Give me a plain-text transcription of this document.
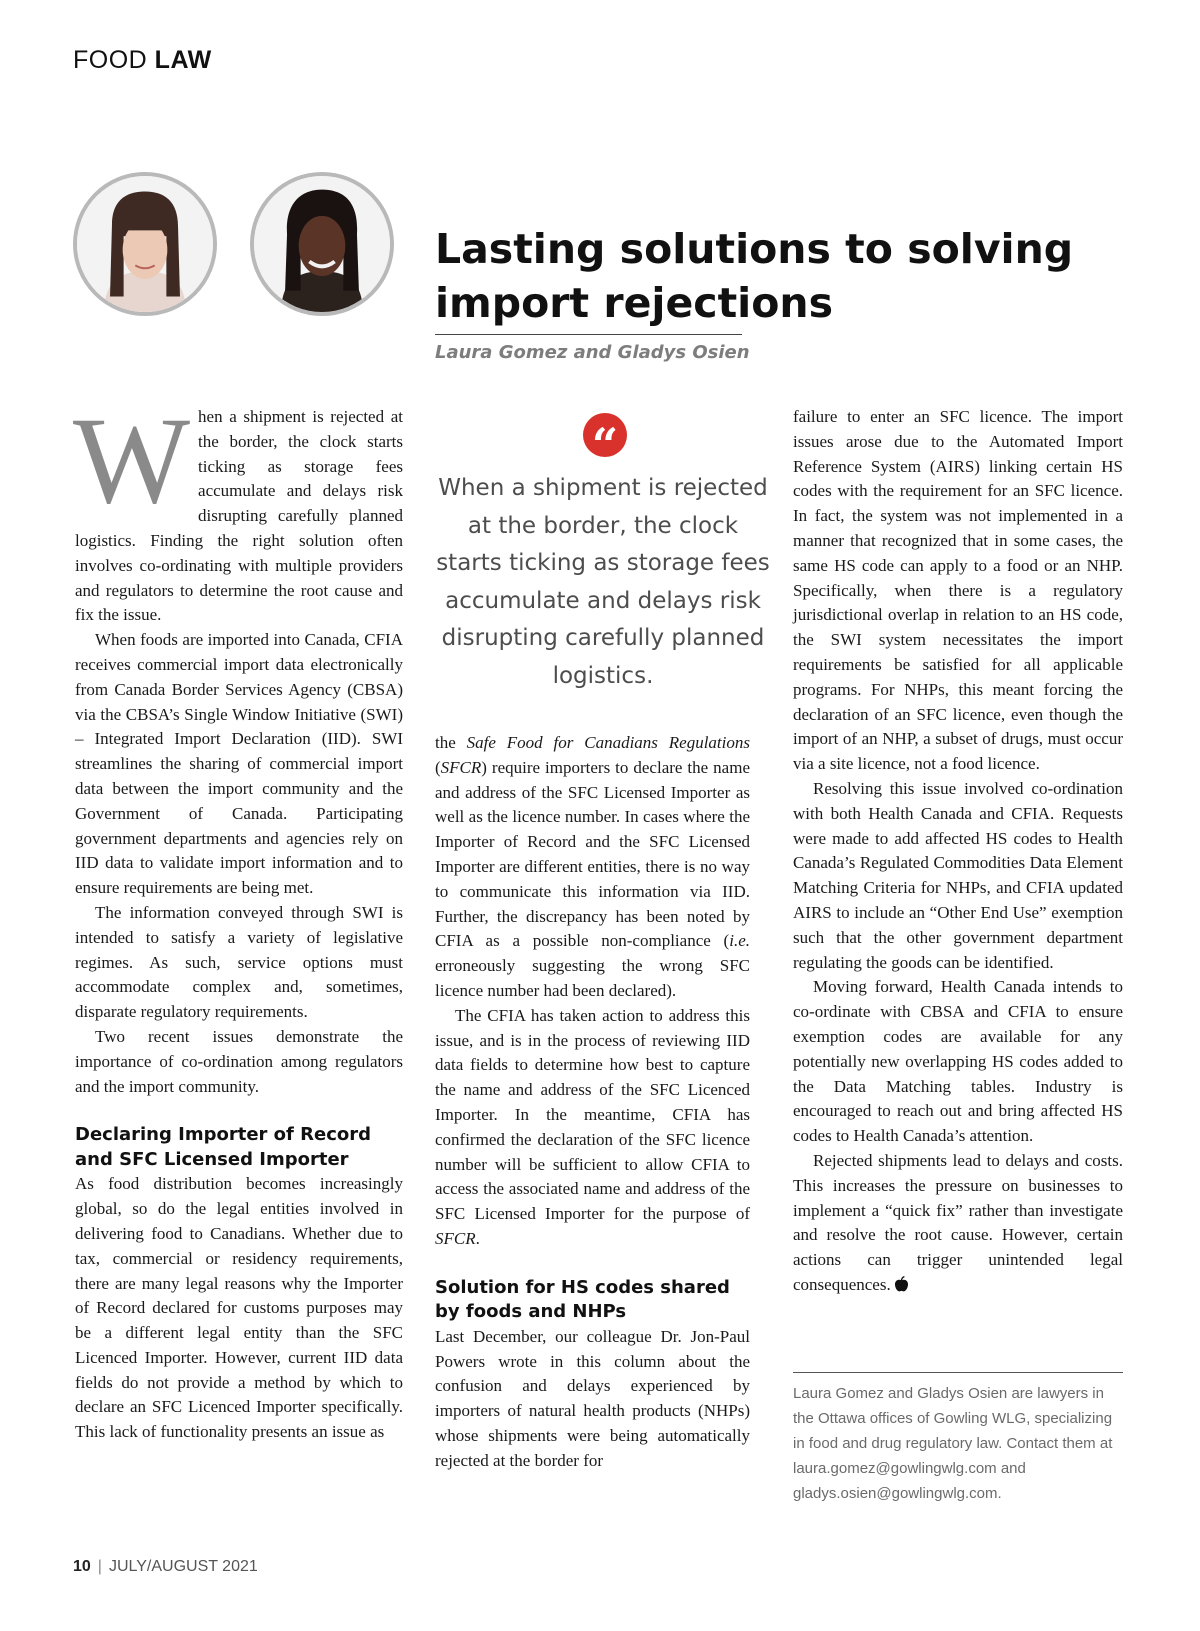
FOOD LAW
Lasting solutions to solving import rejections
Laura Gomez and Gladys Osien

When a shipment is rejected at the border, the clock starts ticking as storage fees accumulate and delays risk disrupting carefully planned logistics. Finding the right solution often involves co-ordinating with multiple providers and regulators to determine the root cause and fix the issue.

When foods are imported into Canada, CFIA receives commercial import data electronically from Canada Border Services Agency (CBSA) via the CBSA’s Single Window Initiative (SWI) – Integrated Import Declaration (IID). SWI streamlines the sharing of commercial import data between the import community and the Government of Canada. Participating government departments and agencies rely on IID data to validate import information and to ensure requirements are being met.

The information conveyed through SWI is intended to satisfy a variety of legislative regimes. As such, service options must accommodate complex and, sometimes, disparate regulatory requirements.

Two recent issues demonstrate the importance of co-ordination among regulators and the import community.

Declaring Importer of Record and SFC Licensed Importer

As food distribution becomes increasingly global, so do the legal entities involved in delivering food to Canadians. Whether due to tax, commercial or residency requirements, there are many legal reasons why the Importer of Record declared for customs purposes may be a different legal entity than the SFC Licenced Importer. However, current IID data fields do not provide a method by which to declare an SFC Licenced Importer specifically. This lack of functionality presents an issue as

“

When a shipment is rejected at the border, the clock starts ticking as storage fees accumulate and delays risk disrupting carefully planned logistics.

the Safe Food for Canadians Regulations (SFCR) require importers to declare the name and address of the SFC Licensed Importer as well as the licence number. In cases where the Importer of Record and the SFC Licensed Importer are different entities, there is no way to communicate this information via IID. Further, the discrepancy has been noted by CFIA as a possible non-compliance (i.e. erroneously suggesting the wrong SFC licence number had been declared).

The CFIA has taken action to address this issue, and is in the process of reviewing IID data fields to determine how best to capture the name and address of the SFC Licenced Importer. In the meantime, CFIA has confirmed the declaration of the SFC licence number will be sufficient to allow CFIA to access the associated name and address of the SFC Licensed Importer for the purpose of SFCR.

Solution for HS codes shared by foods and NHPs

Last December, our colleague Dr. Jon-Paul Powers wrote in this column about the confusion and delays experienced by importers of natural health products (NHPs) whose shipments were being automatically rejected at the border for

failure to enter an SFC licence. The import issues arose due to the Automated Import Reference System (AIRS) linking certain HS codes with the requirement for an SFC licence. In fact, the system was not implemented in a manner that recognized that in some cases, the same HS code can apply to a food or an NHP. Specifically, when there is a regulatory jurisdictional overlap in relation to an HS code, the SWI system necessitates the import requirements be satisfied for all applicable programs. For NHPs, this meant forcing the declaration of an SFC licence, even though the import of an NHP, a subset of drugs, must occur via a site licence, not a food licence.

Resolving this issue involved co-ordination with both Health Canada and CFIA. Requests were made to add affected HS codes to Health Canada’s Regulated Commodities Data Element Matching Criteria for NHPs, and CFIA updated AIRS to include an “Other End Use” exemption such that the other government department regulating the goods can be identified.

Moving forward, Health Canada intends to co-ordinate with CBSA and CFIA to ensure exemption codes are available for any potentially new overlapping HS codes added to the Data Matching tables. Industry is encouraged to reach out and bring affected HS codes to Health Canada’s attention.

Rejected shipments lead to delays and costs. This increases the pressure on businesses to implement a “quick fix” rather than investigate and resolve the root cause. However, certain actions can trigger unintended legal consequences.

Laura Gomez and Gladys Osien are lawyers in the Ottawa offices of Gowling WLG, specializing in food and drug regulatory law. Contact them at laura.gomez@gowlingwlg.com and gladys.osien@gowlingwlg.com.
10 | JULY/AUGUST 2021
